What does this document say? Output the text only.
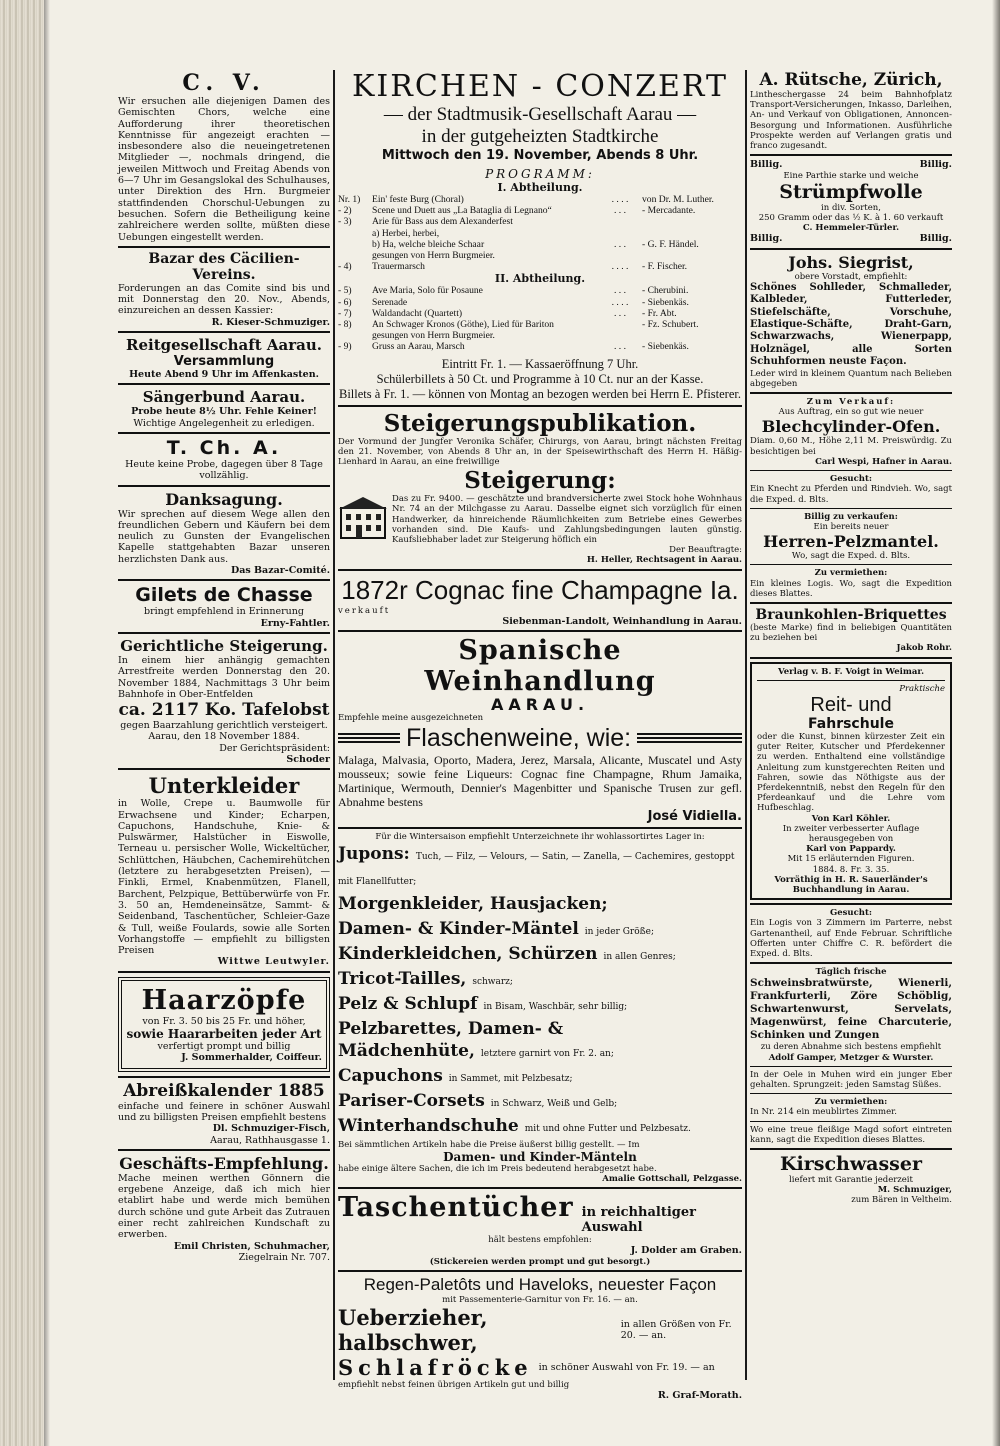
C. V.

Wir ersuchen alle diejenigen Damen des Gemischten Chors, welche eine Aufforderung ihrer theoretischen Kenntnisse für angezeigt erachten — insbesondere also die neueingetretenen Mitglieder —, nochmals dringend, die jeweilen Mittwoch und Freitag Abends von 6—7 Uhr im Gesangslokal des Schulhauses, unter Direktion des Hrn. Burgmeier stattfindenden Chorschul-Uebungen zu besuchen. Sofern die Betheiligung keine zahlreichere werden sollte, müßten diese Uebungen eingestellt werden.

Bazar des Cäcilien-Vereins.

Forderungen an das Comite sind bis und mit Donnerstag den 20. Nov., Abends, einzureichen an dessen Kassier:

R. Kieser-Schmuziger.

Reitgesellschaft Aarau.
Versammlung

Heute Abend 9 Uhr im Affenkasten.

Sängerbund Aarau.

Probe heute 8½ Uhr. Fehle Keiner!

Wichtige Angelegenheit zu erledigen.

T. Ch. A.

Heute keine Probe, dagegen über 8 Tage vollzählig.

Danksagung.

Wir sprechen auf diesem Wege allen den freundlichen Gebern und Käufern bei dem neulich zu Gunsten der Evangelischen Kapelle stattgehabten Bazar unseren herzlichsten Dank aus.

Das Bazar-Comité.

Gilets de Chasse

bringt empfehlend in Erinnerung

Erny-Fahtler.

Gerichtliche Steigerung.

In einem hier anhängig gemachten Arrestfreite werden Donnerstag den 20. November 1884, Nachmittags 3 Uhr beim Bahnhofe in Ober-Entfelden

ca. 2117 Ko. Tafelobst

gegen Baarzahlung gerichtlich versteigert.

Aarau, den 18 November 1884.

Der Gerichtspräsident:

Schoder

Unterkleider

in Wolle, Crepe u. Baumwolle für Erwachsene und Kinder; Echarpen, Capuchons, Handschuhe, Knie- & Pulswärmer, Halstücher in Eiswolle, Terneau u. persischer Wolle, Wickeltücher, Schlüttchen, Häubchen, Cachemirehütchen (letztere zu herabgesetzten Preisen), — Finkli, Ermel, Knabenmützen, Flanell, Barchent, Pelzpique, Bettüberwürfe von Fr. 3. 50 an, Hemdeneinsätze, Sammt- & Seidenband, Taschentücher, Schleier-Gaze & Tull, weiße Foulards, sowie alle Sorten Vorhangstoffe — empfiehlt zu billigsten Preisen

Wittwe Leutwyler.

Haarzöpfe

von Fr. 3. 50 bis 25 Fr. und höher,

sowie Haararbeiten jeder Art

verfertigt prompt und billig

J. Sommerhalder, Coiffeur.

Abreißkalender 1885

einfache und feinere in schöner Auswahl und zu billigsten Preisen empfiehlt bestens

Dl. Schmuziger-Fisch,

Aarau, Rathhausgasse 1.

Geschäfts-Empfehlung.

Mache meinen werthen Gönnern die ergebene Anzeige, daß ich mich hier etablirt habe und werde mich bemühen durch schöne und gute Arbeit das Zutrauen einer recht zahlreichen Kundschaft zu erwerben.

Emil Christen, Schuhmacher,

Ziegelrain Nr. 707.

KIRCHEN - CONZERT
— der Stadtmusik-Gesellschaft Aarau —
in der gutgeheizten Stadtkirche
Mittwoch den 19. November, Abends 8 Uhr.
PROGRAMM:
I. Abtheilung.
Nr. 1)	Ein' feste Burg (Choral)	. . . .	von Dr. M. Luther.
- 2)	Scene und Duett aus „La Bataglia di Legnano“	. . .	- Mercadante.
- 3)	Arie für Bass aus dem Alexanderfest		
	a) Herbei, herbei,		
	b) Ha, welche bleiche Schaar	. . .	- G. F. Händel.
	gesungen von Herrn Burgmeier.		
- 4)	Trauermarsch	. . . .	- F. Fischer.
II. Abtheilung.
- 5)	Ave Maria, Solo für Posaune	. . .	- Cherubini.
- 6)	Serenade	. . . .	- Siebenkäs.
- 7)	Waldandacht (Quartett)	. . .	- Fr. Abt.
- 8)	An Schwager Kronos (Göthe), Lied für Bariton		- Fz. Schubert.
	gesungen von Herrn Burgmeier.		
- 9)	Gruss an Aarau, Marsch	. . .	- Siebenkäs.

Eintritt Fr. 1. — Kassaeröffnung 7 Uhr.

Schülerbillets à 50 Ct. und Programme à 10 Ct. nur an der Kasse.

Billets à Fr. 1. — können von Montag an bezogen werden bei Herrn E. Pfisterer.

Steigerungspublikation.

Der Vormund der Jungfer Veronika Schäfer, Chirurgs, von Aarau, bringt nächsten Freitag den 21. November, von Abends 8 Uhr an, in der Speisewirthschaft des Herrn H. Häßig-Lienhard in Aarau, an eine freiwillige

Steigerung:

Das zu Fr. 9400. — geschätzte und brandversicherte zwei Stock hohe Wohnhaus Nr. 74 an der Milchgasse zu Aarau. Dasselbe eignet sich vorzüglich für einen Handwerker, da hinreichende Räumlichkeiten zum Betriebe eines Gewerbes vorhanden sind. Die Kaufs- und Zahlungsbedingungen lauten günstig. Kaufsliebhaber ladet zur Steigerung höflich ein

Der Beauftragte:

H. Heller, Rechtsagent in Aarau.

1872r Cognac fine Champagne Ia.

verkauft

Siebenman-Landolt, Weinhandlung in Aarau.

Spanische Weinhandlung
AARAU.

Empfehle meine ausgezeichneten

Flaschenweine, wie:

Malaga, Malvasia, Oporto, Madera, Jerez, Marsala, Alicante, Muscatel und Asty mousseux; sowie feine Liqueurs: Cognac fine Champagne, Rhum Jamaika, Martinique, Wermouth, Dennier's Magenbitter und Spanische Trusen zur gefl. Abnahme bestens

José Vidiella.

Für die Wintersaison empfiehlt Unterzeichnete ihr wohlassortirtes Lager in:

Jupons: Tuch, — Filz, — Velours, — Satin, — Zanella, — Cachemires, gestoppt mit Flanellfutter;
Morgenkleider, Hausjacken;
Damen- & Kinder-Mäntel in jeder Größe;
Kinderkleidchen, Schürzen in allen Genres;
Tricot-Tailles, schwarz;
Pelz & Schlupf in Bisam, Waschbär, sehr billig;
Pelzbarettes, Damen- & Mädchenhüte, letztere garnirt von Fr. 2. an;
Capuchons in Sammet, mit Pelzbesatz;
Pariser-Corsets in Schwarz, Weiß und Gelb;
Winterhandschuhe mit und ohne Futter und Pelzbesatz.

Bei sämmtlichen Artikeln habe die Preise äußerst billig gestellt. — Im

Damen- und Kinder-Mänteln

habe einige ältere Sachen, die ich im Preis bedeutend herabgesetzt habe.

Amalie Gottschall, Pelzgasse.

Taschentücher in reichhaltiger Auswahl

hält bestens empfohlen:

J. Dolder am Graben.

(Stickereien werden prompt und gut besorgt.)

Regen-Paletôts und Haveloks, neuester Façon

mit Passementerie-Garnitur von Fr. 16. — an.

Ueberzieher, halbschwer,
in allen Größen von Fr. 20. — an.
Schlafröcke in schöner Auswahl von Fr. 19. — an

empfiehlt nebst feinen übrigen Artikeln gut und billig

R. Graf-Morath.

A. Rütsche, Zürich,

Lintheschergasse 24 beim Bahnhofplatz Transport-Versicherungen, Inkasso, Darleihen, An- und Verkauf von Obligationen, Annoncen-Besorgung und Informationen. Ausführliche Prospekte werden auf Verlangen gratis und franco zugesandt.

Billig.	Billig.

Eine Parthie starke und weiche

Strümpfwolle

in div. Sorten,

250 Gramm oder das ½ K. à 1. 60 verkauft

C. Hemmeler-Türler.

Billig.	Billig.
Johs. Siegrist,

obere Vorstadt, empfiehlt:

Schönes Sohlleder, Schmalleder, Kalbleder, Futterleder, Stiefelschäfte, Vorschuhe, Elastique-Schäfte, Draht-Garn, Schwarzwachs, Wienerpapp, Holznägel, alle Sorten Schuhformen neuste Façon.

Leder wird in kleinem Quantum nach Belieben abgegeben

Zum Verkauf:

Aus Auftrag, ein so gut wie neuer

Blechcylinder-Ofen.

Diam. 0,60 M., Höhe 2,11 M. Preiswürdig. Zu besichtigen bei

Carl Wespi, Hafner in Aarau.

Gesucht:

Ein Knecht zu Pferden und Rindvieh. Wo, sagt die Exped. d. Blts.

Billig zu verkaufen:

Ein bereits neuer

Herren-Pelzmantel.

Wo, sagt die Exped. d. Blts.

Zu vermiethen:

Ein kleines Logis. Wo, sagt die Expedition dieses Blattes.

Braunkohlen-Briquettes

(beste Marke) find in beliebigen Quantitäten zu beziehen bei

Jakob Rohr.

Verlag v. B. F. Voigt in Weimar.

Praktische

Reit- und
Fahrschule

oder die Kunst, binnen kürzester Zeit ein guter Reiter, Kutscher und Pferdekenner zu werden. Enthaltend eine vollständige Anleitung zum kunstgerechten Reiten und Fahren, sowie das Nöthigste aus der Pferdekenntniß, nebst den Regeln für den Pferdeankauf und die Lehre vom Hufbeschlag.

Von Karl Köhler.

In zweiter verbesserter Auflage herausgegeben von

Karl von Pappardy.

Mit 15 erläuternden Figuren.

1884. 8. Fr. 3. 35.

Vorräthig in H. R. Sauerländer's Buchhandlung in Aarau.

Gesucht:

Ein Logis von 3 Zimmern im Parterre, nebst Gartenantheil, auf Ende Februar. Schriftliche Offerten unter Chiffre C. R. befördert die Exped. d. Blts.

Täglich frische

Schweinsbratwürste, Wienerli, Frankfurterli, Zöre Schöblig, Schwartenwurst, Servelats, Magenwürst, feine Charcuterie, Schinken und Zungen

zu deren Abnahme sich bestens empfiehlt

Adolf Gamper, Metzger & Wurster.

In der Oele in Muhen wird ein junger Eber gehalten. Sprungzeit: jeden Samstag Süßes.

Zu vermiethen:

In Nr. 214 ein meublirtes Zimmer.

Wo eine treue fleißige Magd sofort eintreten kann, sagt die Expedition dieses Blattes.

Kirschwasser

liefert mit Garantie jederzeit

M. Schmuziger,

zum Bären in Veltheim.
